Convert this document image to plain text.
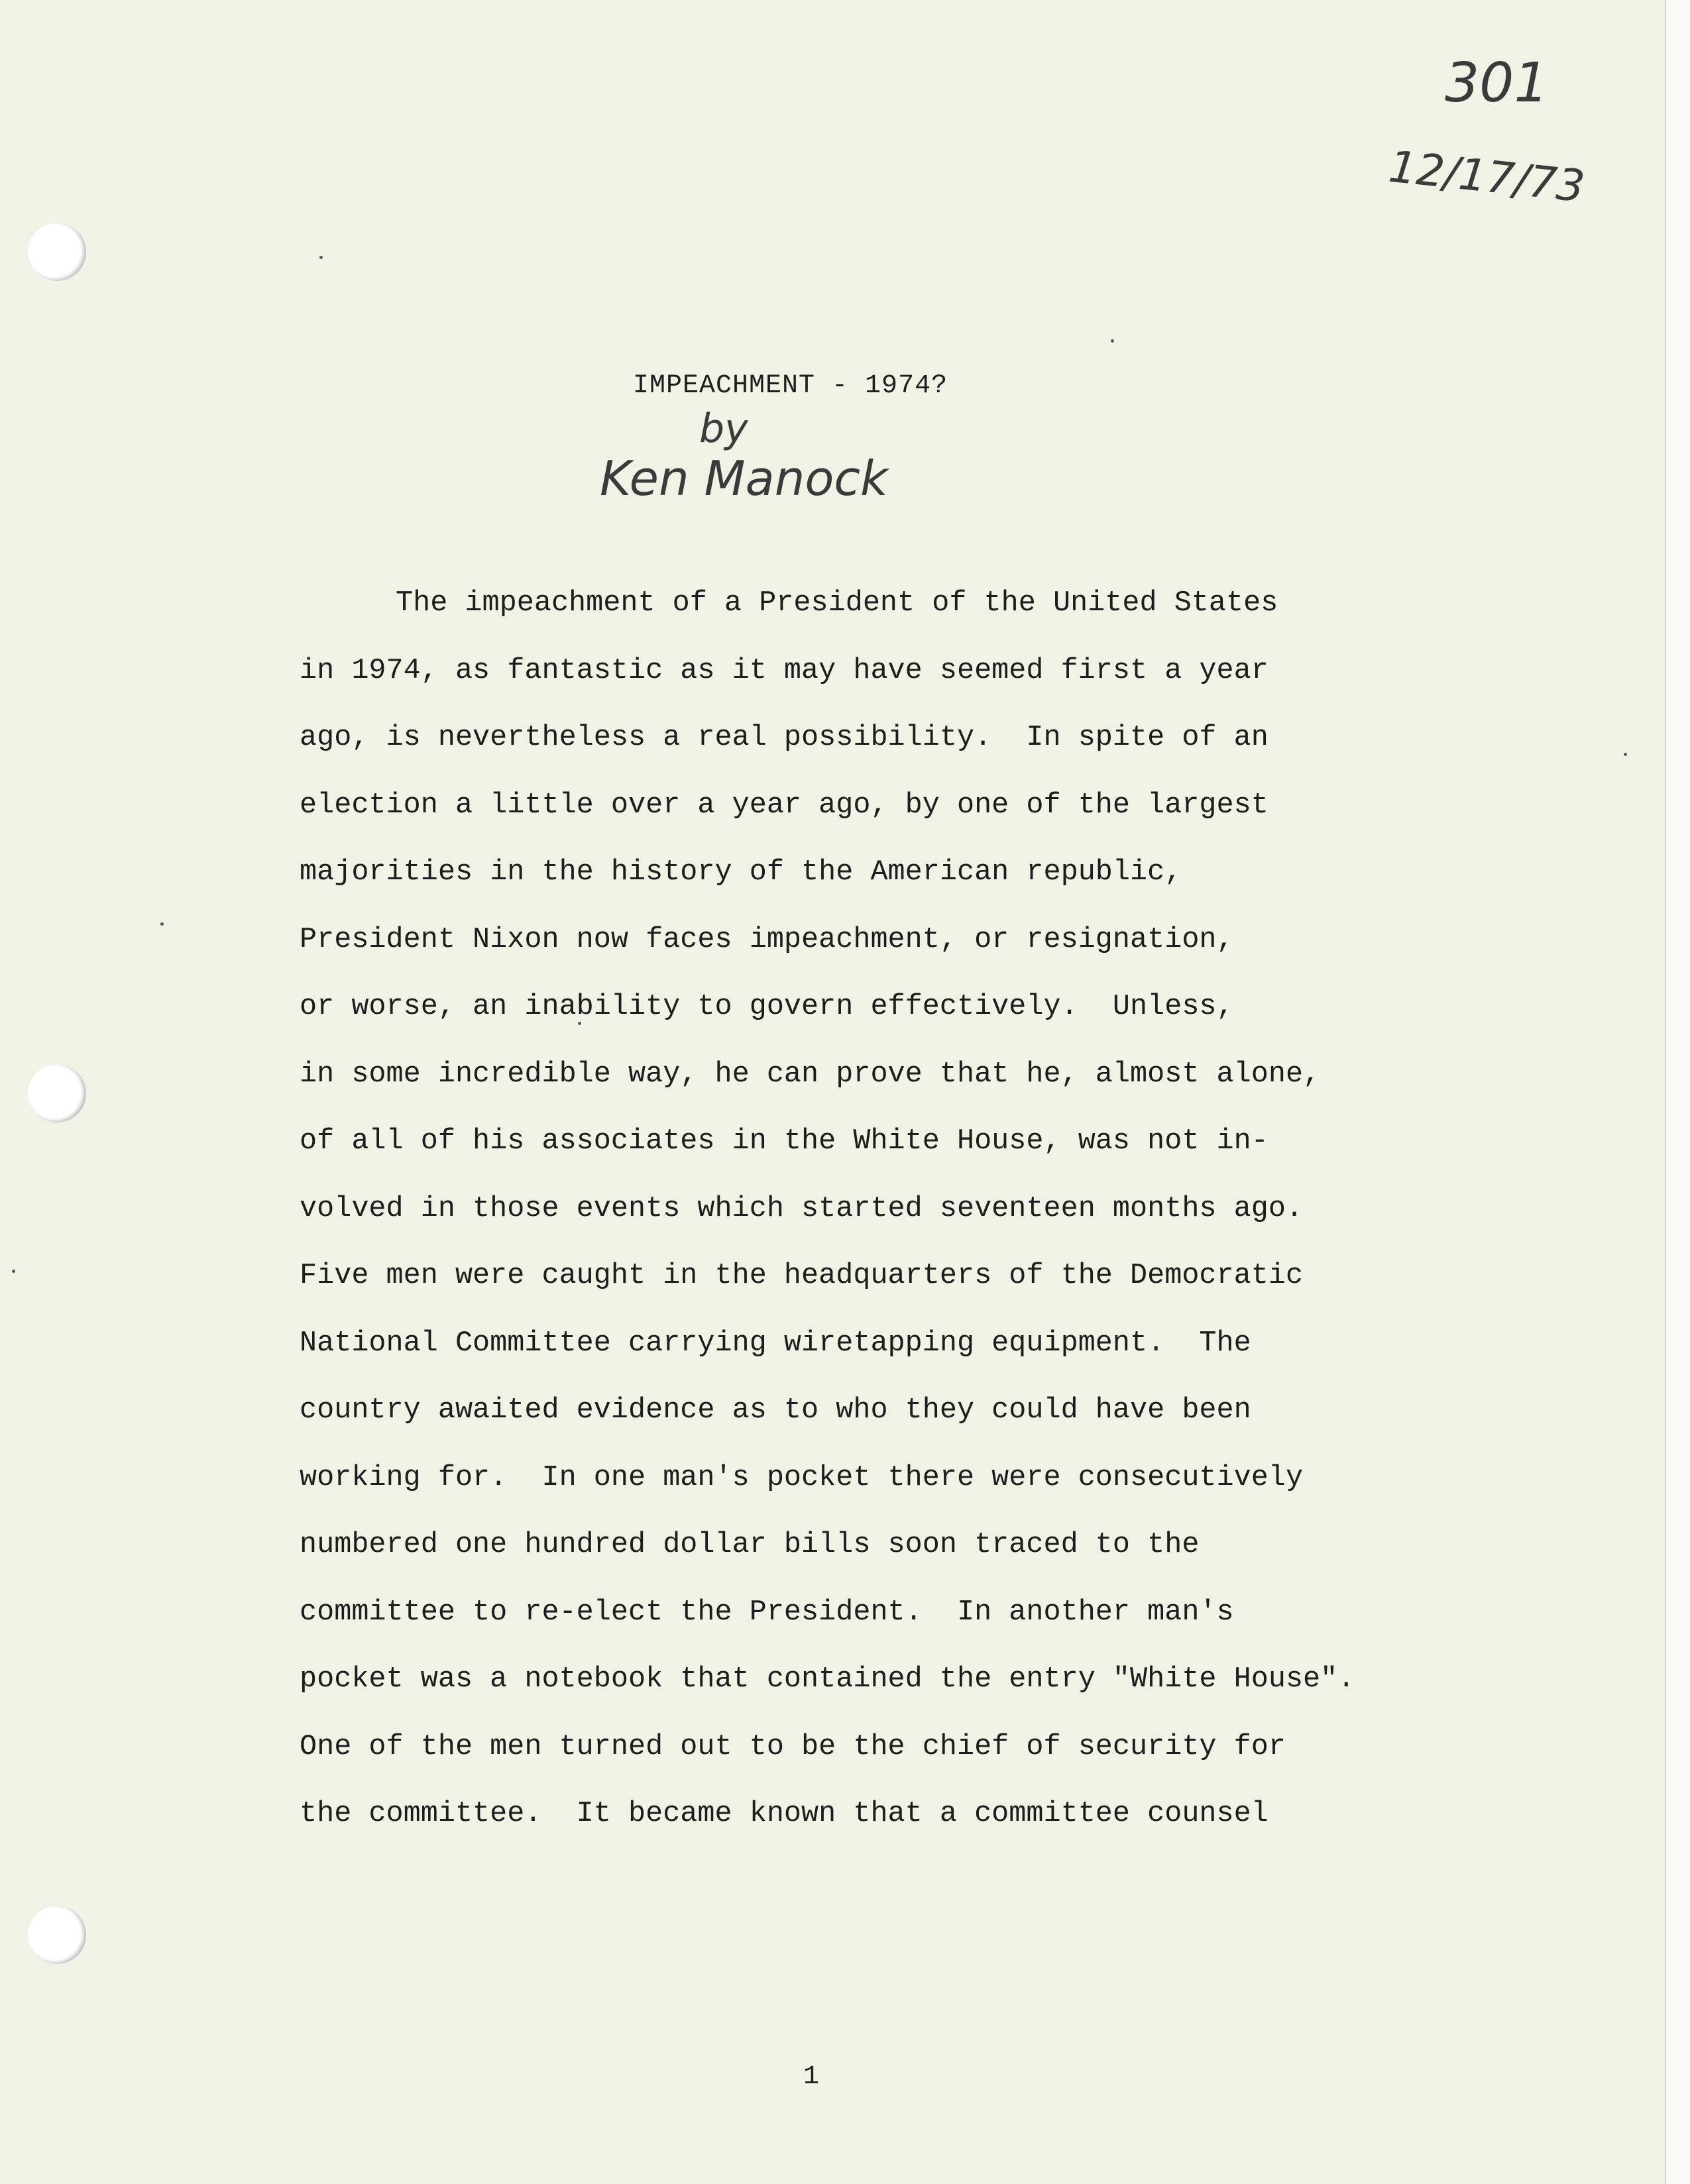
301
12/17/73
IMPEACHMENT - 1974?
by
Ken Manock
The impeachment of a President of the United States
in 1974, as fantastic as it may have seemed first a year
ago, is nevertheless a real possibility.  In spite of an
election a little over a year ago, by one of the largest
majorities in the history of the American republic,
President Nixon now faces impeachment, or resignation,
or worse, an inability to govern effectively.  Unless,
in some incredible way, he can prove that he, almost alone,
of all of his associates in the White House, was not in-
volved in those events which started seventeen months ago.
Five men were caught in the headquarters of the Democratic
National Committee carrying wiretapping equipment.  The
country awaited evidence as to who they could have been
working for.  In one man's pocket there were consecutively
numbered one hundred dollar bills soon traced to the
committee to re-elect the President.  In another man's
pocket was a notebook that contained the entry "White House".
One of the men turned out to be the chief of security for
the committee.  It became known that a committee counsel
1
